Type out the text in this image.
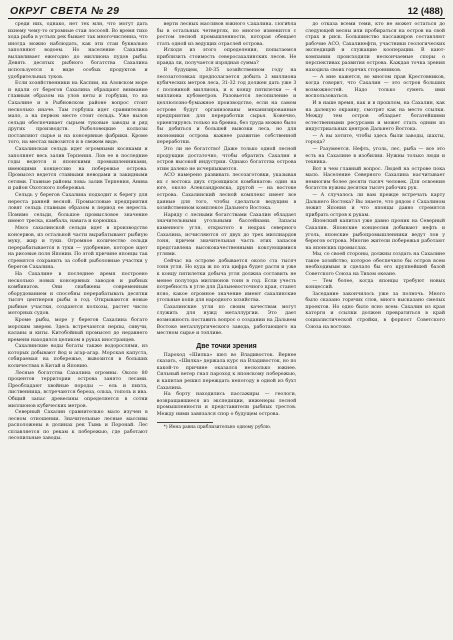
ОКРУГ СВЕТА № 29	12 (488)

среди них, однако, нет тех млн, что могут дать ихнему чему-то огромные стаи лососей. Во время тихо хода рыба в устьях рек бывает так многочисленна, что иногда можно наблюдать, как эти стаи буквально заполняют водоем. Но население Сахалина вылавливает ежегодно до миллиона пудов рыбы. Девять десятых рыбного богатства Сахалина используется в виде особых продуктов и удобрительных туков.

Если хозяйственники на Каспии, на Азовском море и вдали от берегов Сахалина обращают внимание главным образом на улов кеты и горбуши, то на Сахалине и в Рыбновском районе вопрос стоит несколько иначе. Там горбуша идет сравнительно мало, а на первом месте стоит сельдь. Уже вылов сельди обеспечивает сырьем туковые заводы и ряд других производств. Рыболовецкие колхозы поставляют сырье и на консервные фабрики. Кроме того, на местах вывозится и в свежем виде.

Сахалинская сельдь идет огромными косяками и заполняет весь залив Терпения. Лов ее в последние годы ведется и японскими промышленниками, имеющими концессию на побережье острова. Промысел ведется ставными неводами и закидными сетями. Главные районы лова: залив Терпения, Анива и район Охотского побережья.

Сельдь у берегов Сахалина подходит к берегу для нереста ранней весной. Промысловые предприятия ловят сельдь главным образом в период ее нереста. Помимо сельди, большое промысловое значение имеют треска, камбала, навага и корюшка.

Мясо сахалинской сельди идет в производство консервов, из остальной части вырабатывают рыбную муку, жир и туки. Огромное количество сельди перерабатывается в туки — удобрение, которое идет на рисовые поля Японии. По этой причине японцы так стремятся сохранить за собой рыболовные участки у берегов Сахалина.

На Сахалине в последнее время построено несколько новых консервных заводов и рыбных комбинатов. Они снабжены современным оборудованием и способны перерабатывать десятки тысяч центнеров рыбы в год. Открываются новые рыбные участки, создаются колхозы, растет число моторных судов.

Кроме рыбы, море у берегов Сахалина богато морским зверем. Здесь встречаются нерпы, сивучи, каланы и киты. Китобойный промысел до недавнего времени находился целиком в руках иностранцев.

Сахалинские воды богаты также водорослями, из которых добывают йод и агар-агар. Морская капуста, собираемая на побережье, вывозится в больших количествах в Китай и Японию.

Лесные богатства Сахалина огромны. Около 80 процентов территории острова занято лесами. Преобладают хвойные породы — ель и пихта, лиственница, встречаются береза, ольха, тополь и ива. Общий запас древесины определяется в сотни миллионов кубических метров.

Северный Сахалин сравнительно мало изучен в лесном отношении. Значительные лесные массивы расположены в долинах рек Тымь и Поронай. Лес сплавляется по рекам к побережью, где работают лесопильные заводы.

верти лесных массивов южного Сахалина. Погибла бы в остальных четвертях, но многое изменится с ростом лесной промышленности, которая обещает стать одной из ведущих отраслей острова.

Исходя из этого определения, попытаемся приблизить стоимость северосахалинских лесов. Не правда ли, получается изрядная сумма?

В будущем, 30-35 хозяйственном году на лесозаготовках предполагается добыть 2 миллиона кубических метров леса, 31-32 год должен дать уже 3 с половиной миллиона, и к концу пятилетки — 4 миллиона кубометров. Разовьется лесопиление и целлюлозно-бумажное производство, если на самом острове будут организованы механизированные предприятия для переработки сырья. Конечно, ориентируясь только на бревна, без труда можно было бы добиться и большей вывозки леса, но для экономики острова важнее развитие собственной переработки.

Это ли не богатство! Даже только одной лесной продукции достаточно, чтобы обратить Сахалин в остров высокой индустрии. Однако богатства острова этим далеко не исчерпываются.

АСО намерено развивать лесозаготовки, указывая их с востока двух строящихся комбинатов: один на юге, около Александровска, другой — на востоке острова. Сахалинский лесной комплекс имеет все данные для того, чтобы сделаться ведущим в хозяйственном комплексе Дальнего Востока.

Наряду с лесными богатствами Сахалин обладает значительными угольными бассейнами. Запасы каменного угля, открытого в недрах северного Сахалина, исчисляются от двух до трех миллиардов тонн, причем значительная часть этих запасов представлена высококачественными коксующимися углями.

Сейчас на острове добывается около ста тысяч тонн угля. Но куда ж по эта цифра будет расти и уже к концу пятилетки добыча угля должна составить не менее полутора миллионов тонн в год. Если учесть потребность в угле для Дальневосточного края, станет ясно, какое огромное значение имеют сахалинские угольные копи для народного хозяйства.

Сахалинские угли по своим качествам могут служить для нужд металлургии. Это дает возможность поставить вопрос о создании на Дальнем Востоке металлургического завода, работающего на местном сырье и топливе.

Две точки зрения

Пароход «Шилка» шел во Владивосток. Вернее сказать, «Шилка» держала курс на Владивосток, но по какой-то причине оказался несколько южнее. Сильный ветер гнал пароход к японскому побережью, и капитан решил переждать непогоду в одной из бухт Сахалина.

На борту находились пассажиры — геологи, возвращавшиеся из экспедиции, инженеры лесной промышленности и представители рыбных трестов. Между ними завязался спор о будущем острова.

*) Иена равна приблизительно одному рублю.

до отказа всеми теми, кто не может остаться до следующей весны или пробираться на остров на свой страх и риск. Большинство пассажиров составляют рабочие АСО, Сахалинефти, участники геологических экспедиций и служащие кооперации. В кают-компании происходили нескончаемые споры о перспективах развития острова. Каждая точка зрения находила своих горячих сторонников.

— А мне кажется, во многом прав Крестовников, когда говорит, что Сахалин — это остров больших возможностей. Надо только суметь ими воспользоваться.

И в наше время, как и в прошлом, на Сахалин, как на далекую окраину, смотрят как на место ссылки. Между тем остров обладает богатейшими естественными ресурсами и может стать одним из индустриальных центров Дальнего Востока.

— А вы хотите, чтобы здесь были заводы, шахты, города?

— Разумеется. Нефть, уголь, лес, рыба — все это есть на Сахалине в изобилии. Нужны только люди и техника.

Вот в чем главный вопрос. Людей на острове пока мало. Население Северного Сахалина насчитывает немногим более десяти тысяч человек. Для освоения богатств нужны десятки тысяч рабочих рук.

— А случалось ли вам прежде встречать карту Дальнего Востока? Вы знаете, что рядом с Сахалином лежит Япония и что японцы давно стремятся прибрать остров к рукам.

Японский капитал уже давно проник на Северный Сахалин. Японские концессии добывают нефть и уголь, японские рыбопромышленники ведут лов у берегов острова. Многие жители побережья работают на японских промыслах.

Мы, со своей стороны, должны создать на Сахалине такое хозяйство, которое обеспечило бы остров всем необходимым и сделало бы его крупнейшей базой Советского Союза на Тихом океане.

— Тем более, когда японцы требуют новых концессий.

Заседание закончилось уже за полночь. Много было сказано горячих слов, много высказано смелых проектов. Но одно было ясно всем: Сахалин из края каторги и ссылки должен превратиться в край социалистической стройки, в форпост Советского Союза на востоке.
